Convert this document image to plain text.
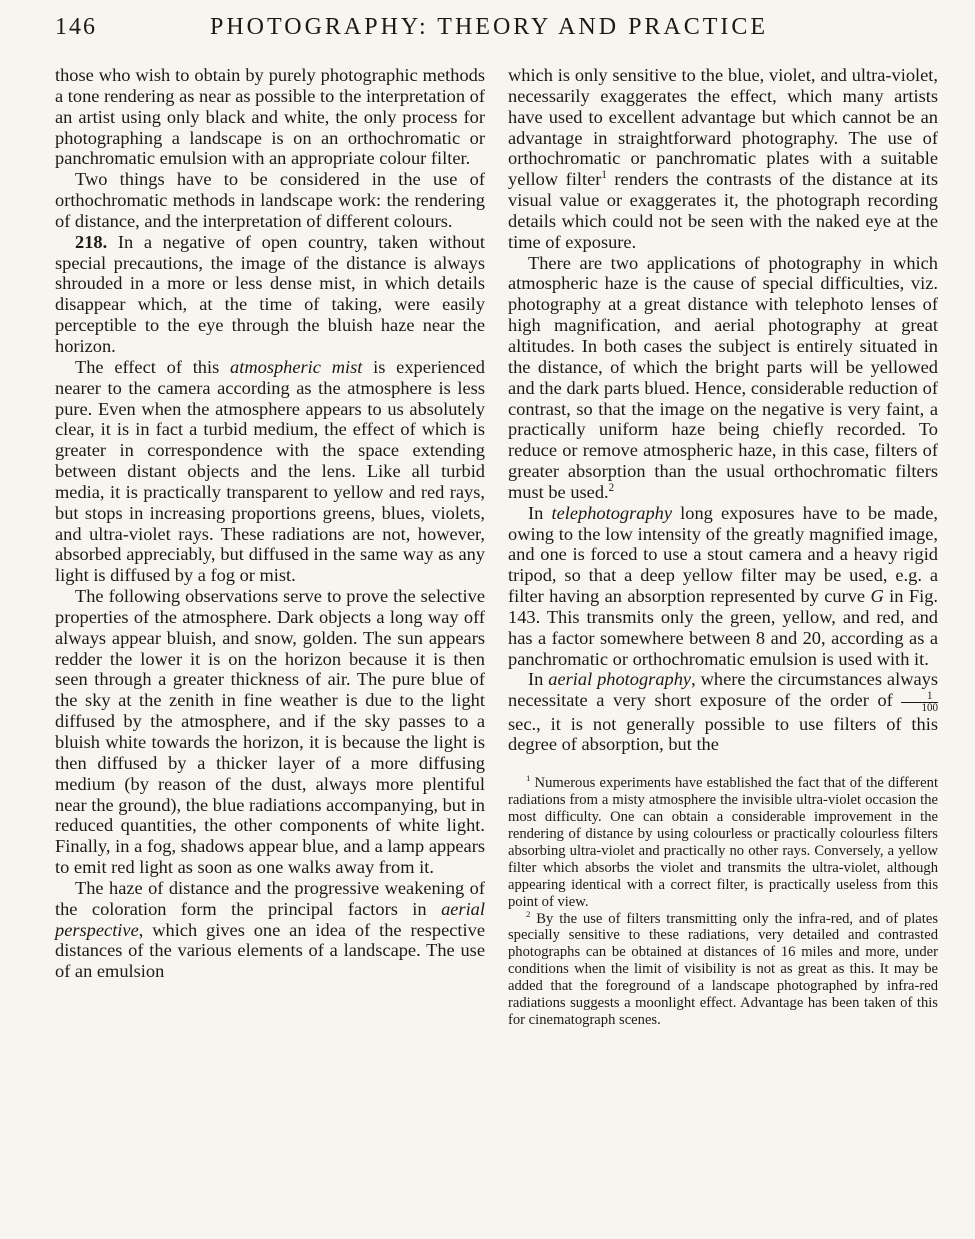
146	PHOTOGRAPHY: THEORY AND PRACTICE

those who wish to obtain by purely photographic methods a tone rendering as near as possible to the interpretation of an artist using only black and white, the only process for photographing a landscape is on an orthochromatic or panchromatic emulsion with an appropriate colour filter.

Two things have to be considered in the use of orthochromatic methods in landscape work: the rendering of distance, and the interpretation of different colours.

218. In a negative of open country, taken without special precautions, the image of the distance is always shrouded in a more or less dense mist, in which details disappear which, at the time of taking, were easily perceptible to the eye through the bluish haze near the horizon.

The effect of this atmospheric mist is experienced nearer to the camera according as the atmosphere is less pure. Even when the atmosphere appears to us absolutely clear, it is in fact a turbid medium, the effect of which is greater in correspondence with the space extending between distant objects and the lens. Like all turbid media, it is practically transparent to yellow and red rays, but stops in increasing proportions greens, blues, violets, and ultra-violet rays. These radiations are not, however, absorbed appreciably, but diffused in the same way as any light is diffused by a fog or mist.

The following observations serve to prove the selective properties of the atmosphere. Dark objects a long way off always appear bluish, and snow, golden. The sun appears redder the lower it is on the horizon because it is then seen through a greater thickness of air. The pure blue of the sky at the zenith in fine weather is due to the light diffused by the atmosphere, and if the sky passes to a bluish white towards the horizon, it is because the light is then diffused by a thicker layer of a more diffusing medium (by reason of the dust, always more plentiful near the ground), the blue radiations accompanying, but in reduced quantities, the other components of white light. Finally, in a fog, shadows appear blue, and a lamp appears to emit red light as soon as one walks away from it.

The haze of distance and the progressive weakening of the coloration form the principal factors in aerial perspective, which gives one an idea of the respective distances of the various elements of a landscape. The use of an emulsion

which is only sensitive to the blue, violet, and ultra-violet, necessarily exaggerates the effect, which many artists have used to excellent advantage but which cannot be an advantage in straightforward photography. The use of orthochromatic or panchromatic plates with a suitable yellow filter$^1$ renders the contrasts of the distance at its visual value or exaggerates it, the photograph recording details which could not be seen with the naked eye at the time of exposure.

There are two applications of photography in which atmospheric haze is the cause of special difficulties, viz. photography at a great distance with telephoto lenses of high magnification, and aerial photography at great altitudes. In both cases the subject is entirely situated in the distance, of which the bright parts will be yellowed and the dark parts blued. Hence, considerable reduction of contrast, so that the image on the negative is very faint, a practically uniform haze being chiefly recorded. To reduce or remove atmospheric haze, in this case, filters of greater absorption than the usual orthochromatic filters must be used.$^2$

In telephotography long exposures have to be made, owing to the low intensity of the greatly magnified image, and one is forced to use a stout camera and a heavy rigid tripod, so that a deep yellow filter may be used, e.g. a filter having an absorption represented by curve G in Fig. 143. This transmits only the green, yellow, and red, and has a factor somewhere between 8 and 20, according as a panchromatic or orthochromatic emulsion is used with it.

In aerial photography, where the circumstances always necessitate a very short exposure of the order of $\frac{1}{100}$
sec., it is not generally possible to use filters of this degree of absorption, but the

$^1$ Numerous experiments have established the fact that of the different radiations from a misty atmosphere the invisible ultra-violet occasion the most difficulty. One can obtain a considerable improvement in the rendering of distance by using colourless or practically colourless filters absorbing ultra-violet and practically no other rays. Conversely, a yellow filter which absorbs the violet and transmits the ultra-violet, although appearing identical with a correct filter, is practically useless from this point of view.

$^2$ By the use of filters transmitting only the infra-red, and of plates specially sensitive to these radiations, very detailed and contrasted photographs can be obtained at distances of 16 miles and more, under conditions when the limit of visibility is not as great as this. It may be added that the foreground of a landscape photographed by infra-red radiations suggests a moonlight effect. Advantage has been taken of this for cinematograph scenes.
